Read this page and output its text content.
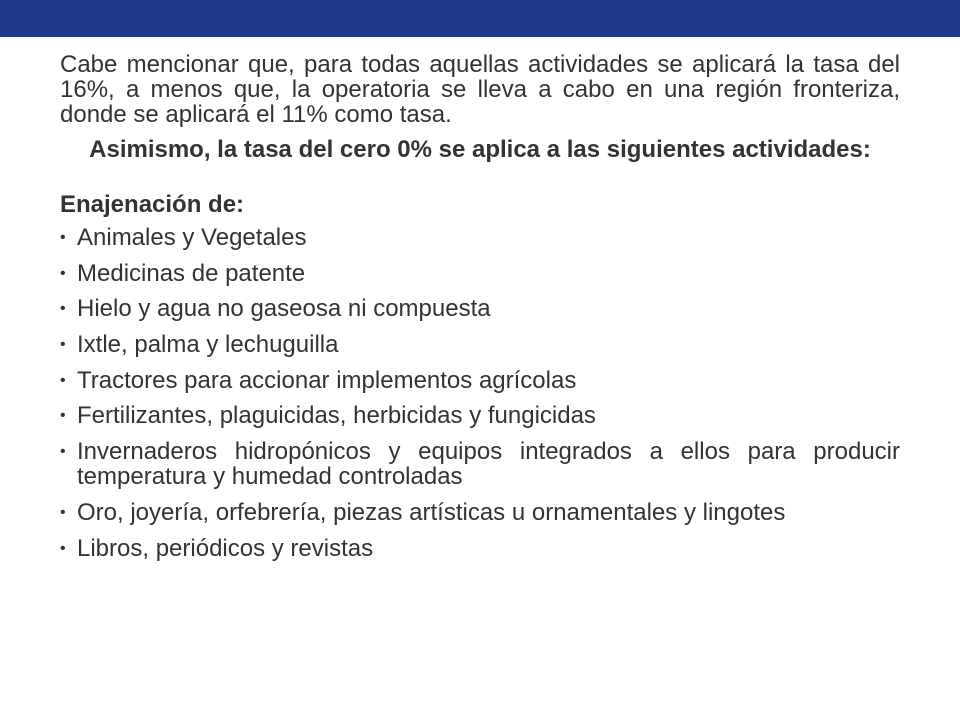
Cabe mencionar que, para todas aquellas actividades se aplicará la tasa del 16%, a menos que, la operatoria se lleva a cabo en una región fronteriza, donde se aplicará el 11% como tasa.

Asimismo, la tasa del cero 0% se aplica a las siguientes actividades:

Enajenación de:

• Animales y Vegetales
• Medicinas de patente
• Hielo y agua no gaseosa ni compuesta
• Ixtle, palma y lechuguilla
• Tractores para accionar implementos agrícolas
• Fertilizantes, plaguicidas, herbicidas y fungicidas
• Invernaderos hidropónicos y equipos integrados a ellos para producir temperatura y humedad controladas
• Oro, joyería, orfebrería, piezas artísticas u ornamentales y lingotes
• Libros, periódicos y revistas
